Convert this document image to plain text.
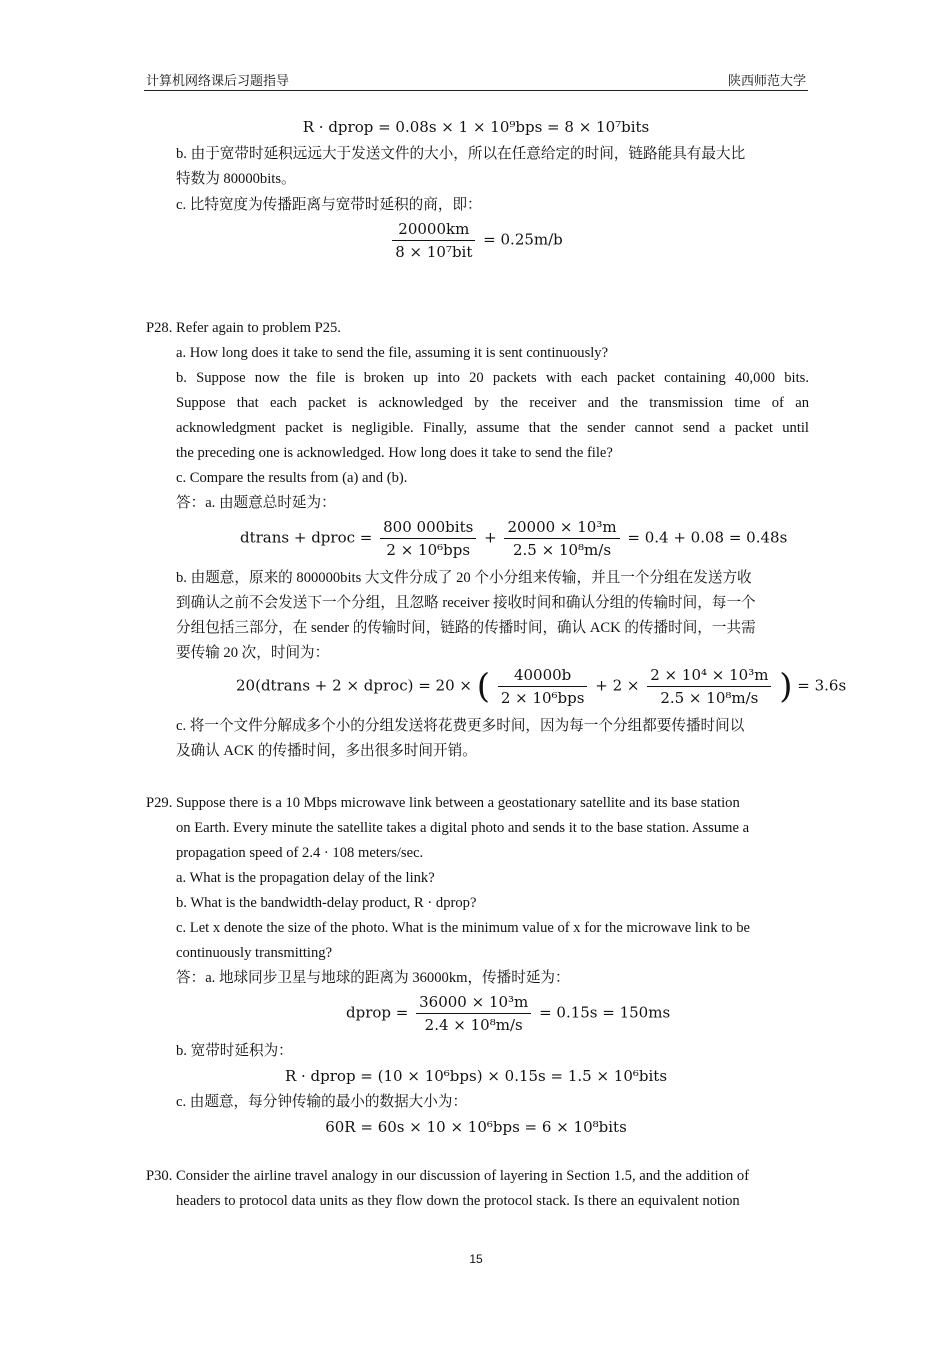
计算机网络课后习题指导	陕西师范大学
R · dprop = 0.08s × 1 × 10⁹bps = 8 × 10⁷bits
b. 由于宽带时延积远远大于发送文件的大小，所以在任意给定的时间，链路能具有最大比
特数为 80000bits。
c. 比特宽度为传播距离与宽带时延积的商，即：
$\frac{20000km}{\text{8 × 10⁷bit}} = 0.25m/b$
P28. Refer again to problem P25.
a. How long does it take to send the file, assuming it is sent continuously?
b. Suppose now the file is broken up into 20 packets with each packet containing 40,000 bits.
Suppose that each packet is acknowledged by the receiver and the transmission time of an
acknowledgment packet is negligible. Finally, assume that the sender cannot send a packet until
the preceding one is acknowledged. How long does it take to send the file?
c. Compare the results from (a) and (b).
答：a. 由题意总时延为：
dtrans + dproc = $\frac{\text{800 000bits}}{\text{2 × 10⁶bps}} + \frac{\text{20000 × 10³m}}{\text{2.5 × 10⁸m/s}} = 0.4 + 0.08 = 0.48s$
b. 由题意，原来的 800000bits 大文件分成了 20 个小分组来传输，并且一个分组在发送方收
到确认之前不会发送下一个分组，且忽略 receiver 接收时间和确认分组的传输时间，每一个
分组包括三部分，在 sender 的传输时间，链路的传播时间，确认 ACK 的传播时间，一共需
要传输 20 次，时间为：
20(dtrans + 2 × dproc) = 20 × ( $\frac{40000b}{\text{2 × 10⁶bps}} + 2 \times \frac{\text{2 × 10⁴ × 10³m}}{\text{2.5 × 10⁸m/s}}$ ) = 3.6s
c. 将一个文件分解成多个小的分组发送将花费更多时间，因为每一个分组都要传播时间以
及确认 ACK 的传播时间，多出很多时间开销。
P29. Suppose there is a 10 Mbps microwave link between a geostationary satellite and its base station
on Earth. Every minute the satellite takes a digital photo and sends it to the base station. Assume a
propagation speed of 2.4 · 108 meters/sec.
a. What is the propagation delay of the link?
b. What is the bandwidth-delay product, R · dprop?
c. Let x denote the size of the photo. What is the minimum value of x for the microwave link to be
continuously transmitting?
答：a. 地球同步卫星与地球的距离为 36000km，传播时延为：
dprop = $\frac{\text{36000 × 10³m}}{\text{2.4 × 10⁸m/s}} = 0.15s = 150ms$
b. 宽带时延积为：
R · dprop = (10 × 10⁶bps) × 0.15s = 1.5 × 10⁶bits
c. 由题意，每分钟传输的最小的数据大小为：
60R = 60s × 10 × 10⁶bps = 6 × 10⁸bits
P30. Consider the airline travel analogy in our discussion of layering in Section 1.5, and the addition of
headers to protocol data units as they flow down the protocol stack. Is there an equivalent notion
15
